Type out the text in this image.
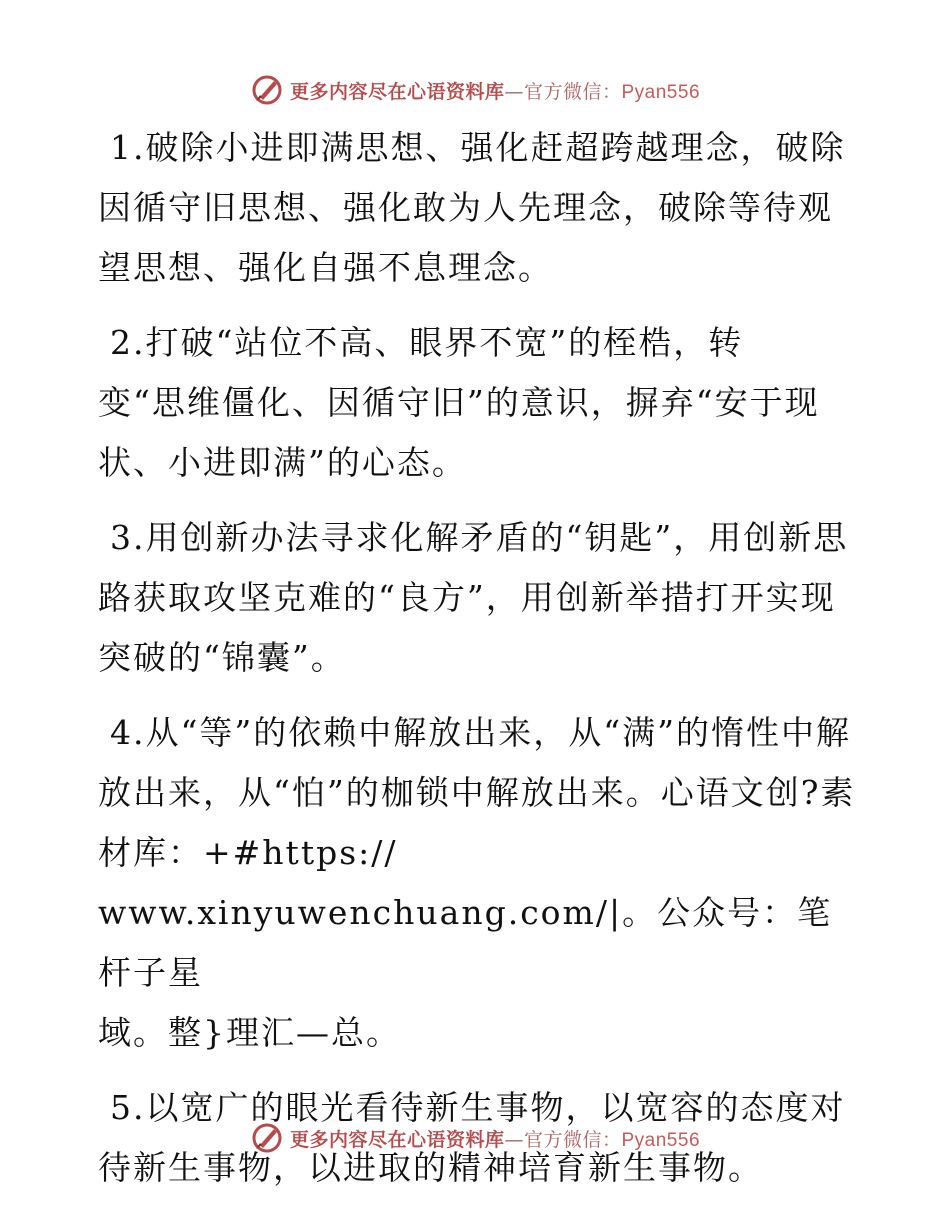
更多内容尽在心语资料库—官方微信：Pyan556

1.破除小进即满思想、强化赶超跨越理念，破除因循守旧思想、强化敢为人先理念，破除等待观望思想、强化自强不息理念。

2.打破“站位不高、眼界不宽”的桎梏，转
变“思维僵化、因循守旧”的意识，摒弃“安于现状、小进即满”的心态。

3.用创新办法寻求化解矛盾的“钥匙”，用创新思路获取攻坚克难的“良方”，用创新举措打开实现突破的“锦囊”。

4.从“等”的依赖中解放出来，从“满”的惰性中解放出来，从“怕”的枷锁中解放出来。心语文创?素材库：+#https://
www.xinyuwenchuang.com/|。公众号：笔杆子星
域。整}理汇—总。

5.以宽广的眼光看待新生事物，以宽容的态度对待新生事物，以进取的精神培育新生事物。

更多内容尽在心语资料库—官方微信：Pyan556
